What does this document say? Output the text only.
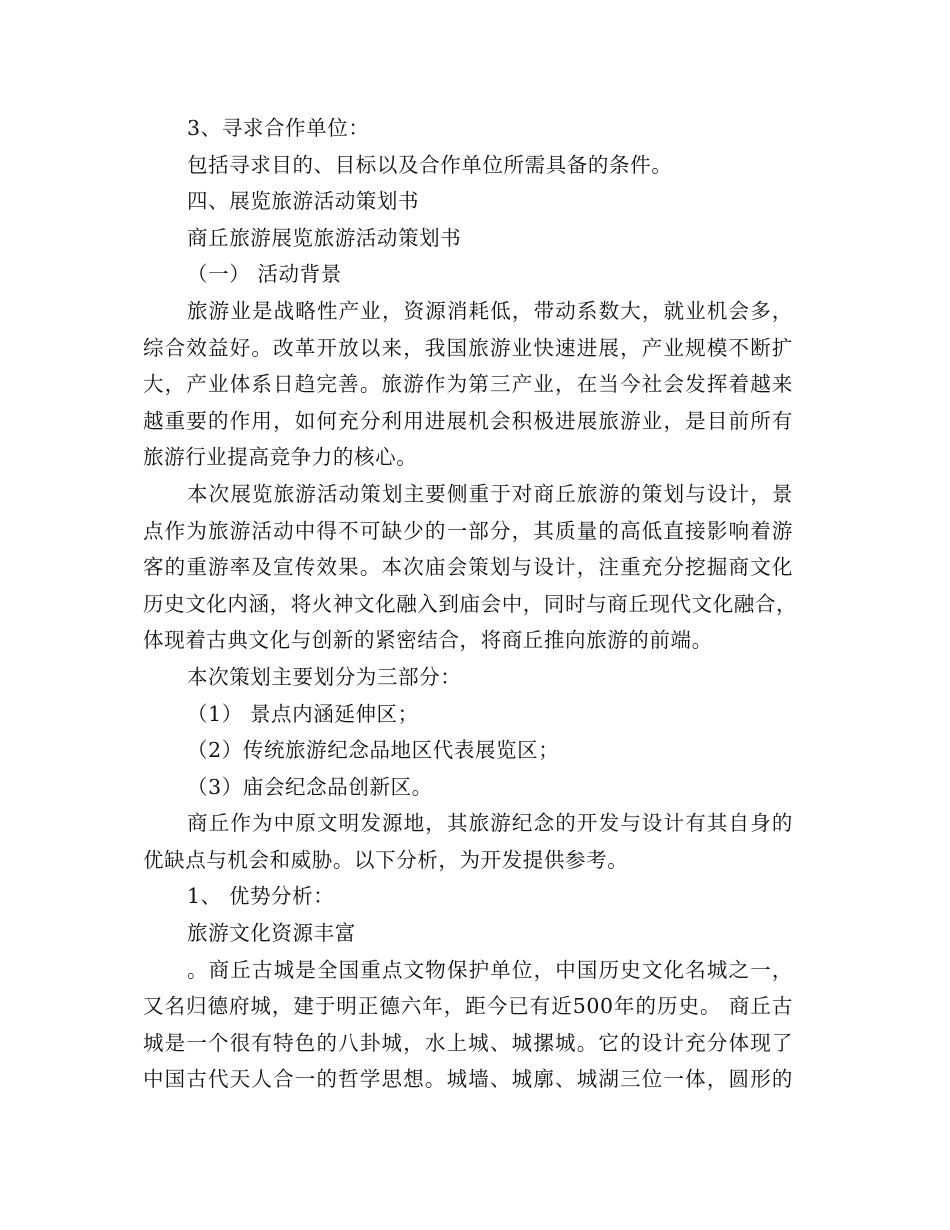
3、寻求合作单位：
包括寻求目的、目标以及合作单位所需具备的条件。
四、展览旅游活动策划书
商丘旅游展览旅游活动策划书
（一） 活动背景
旅游业是战略性产业，资源消耗低，带动系数大，就业机会多，
综合效益好。改革开放以来，我国旅游业快速进展，产业规模不断扩
大，产业体系日趋完善。旅游作为第三产业，在当今社会发挥着越来
越重要的作用，如何充分利用进展机会积极进展旅游业，是目前所有
旅游行业提高竞争力的核心。
本次展览旅游活动策划主要侧重于对商丘旅游的策划与设计，景
点作为旅游活动中得不可缺少的一部分，其质量的高低直接影响着游
客的重游率及宣传效果。本次庙会策划与设计，注重充分挖掘商文化
历史文化内涵，将火神文化融入到庙会中，同时与商丘现代文化融合，
体现着古典文化与创新的紧密结合，将商丘推向旅游的前端。
本次策划主要划分为三部分：
（1） 景点内涵延伸区；
（2）传统旅游纪念品地区代表展览区；
（3）庙会纪念品创新区。
商丘作为中原文明发源地，其旅游纪念的开发与设计有其自身的
优缺点与机会和威胁。以下分析，为开发提供参考。
1、 优势分析：
旅游文化资源丰富
。商丘古城是全国重点文物保护单位，中国历史文化名城之一，
又名归德府城，建于明正德六年，距今已有近500年的历史。 商丘古
城是一个很有特色的八卦城，水上城、城摞城。它的设计充分体现了
中国古代天人合一的哲学思想。城墙、城廓、城湖三位一体，圆形的
